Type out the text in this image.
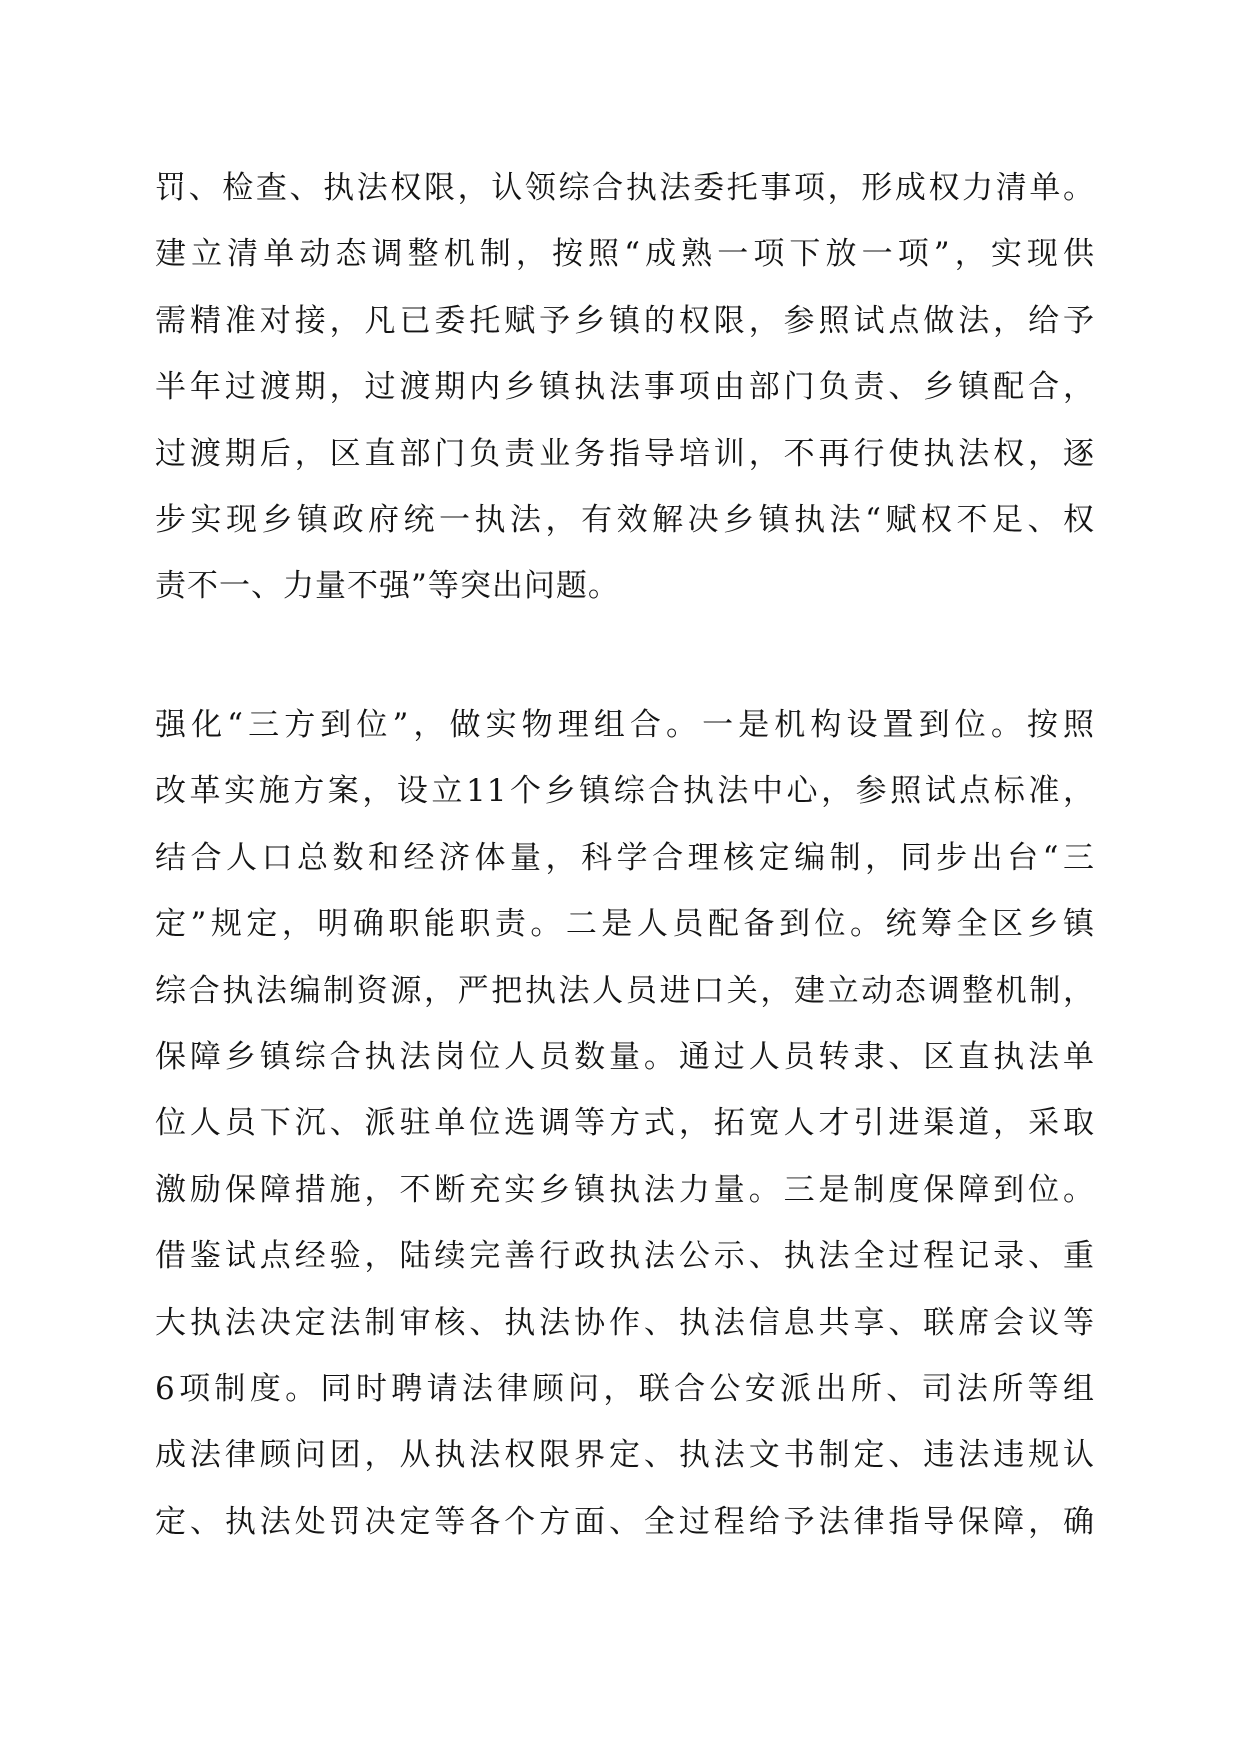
罚、检查、执法权限，认领综合执法委托事项，形成权力清单。
建立清单动态调整机制，按照“成熟一项下放一项”，实现供
需精准对接，凡已委托赋予乡镇的权限，参照试点做法，给予
半年过渡期，过渡期内乡镇执法事项由部门负责、乡镇配合，
过渡期后，区直部门负责业务指导培训，不再行使执法权，逐
步实现乡镇政府统一执法，有效解决乡镇执法“赋权不足、权
责不一、力量不强”等突出问题。
强化“三方到位”，做实物理组合。一是机构设置到位。按照
改革实施方案，设立11个乡镇综合执法中心，参照试点标准，
结合人口总数和经济体量，科学合理核定编制，同步出台“三
定”规定，明确职能职责。二是人员配备到位。统筹全区乡镇
综合执法编制资源，严把执法人员进口关，建立动态调整机制，
保障乡镇综合执法岗位人员数量。通过人员转隶、区直执法单
位人员下沉、派驻单位选调等方式，拓宽人才引进渠道，采取
激励保障措施，不断充实乡镇执法力量。三是制度保障到位。
借鉴试点经验，陆续完善行政执法公示、执法全过程记录、重
大执法决定法制审核、执法协作、执法信息共享、联席会议等
6项制度。同时聘请法律顾问，联合公安派出所、司法所等组
成法律顾问团，从执法权限界定、执法文书制定、违法违规认
定、执法处罚决定等各个方面、全过程给予法律指导保障，确
